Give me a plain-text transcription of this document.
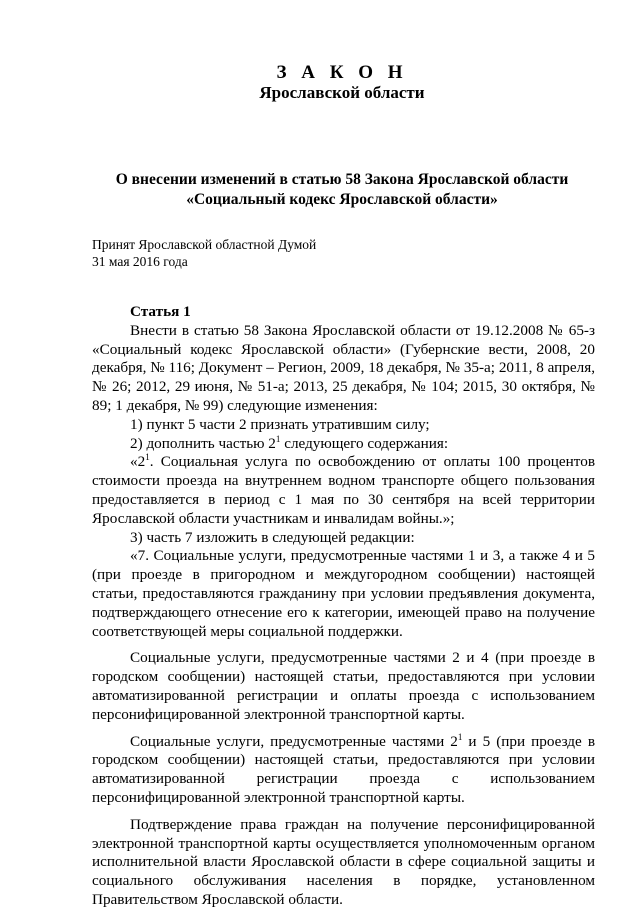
З А К О Н
Ярославской области
О внесении изменений в статью 58 Закона Ярославской области
«Социальный кодекс Ярославской области»
Принят Ярославской областной Думой
31 мая 2016 года

Статья 1

Внести в статью 58 Закона Ярославской области от 19.12.2008 № 65-з «Социальный кодекс Ярославской области» (Губернские вести, 2008, 20 декабря, № 116; Документ – Регион, 2009, 18 декабря, № 35-а; 2011, 8 апреля, № 26; 2012, 29 июня, № 51-а; 2013, 25 декабря, № 104; 2015, 30 октября, № 89; 1 декабря, № 99) следующие изменения:

1) пункт 5 части 2 признать утратившим силу;

2) дополнить частью $2^1$ следующего содержания:

«$2^1$. Социальная услуга по освобождению от оплаты 100 процентов стоимости проезда на внутреннем водном транспорте общего пользования предоставляется в период с 1 мая по 30 сентября на всей территории Ярославской области участникам и инвалидам войны.»;

3) часть 7 изложить в следующей редакции:

«7. Социальные услуги, предусмотренные частями 1 и 3, а также 4 и 5 (при проезде в пригородном и междугородном сообщении) настоящей статьи, предоставляются гражданину при условии предъявления документа, подтверждающего отнесение его к категории, имеющей право на получение соответствующей меры социальной поддержки.

Социальные услуги, предусмотренные частями 2 и 4 (при проезде в городском сообщении) настоящей статьи, предоставляются при условии автоматизированной регистрации и оплаты проезда с использованием персонифицированной электронной транспортной карты.

Социальные услуги, предусмотренные частями $2^1$ и 5 (при проезде в городском сообщении) настоящей статьи, предоставляются при условии автоматизированной регистрации проезда с использованием персонифицированной электронной транспортной карты.

Подтверждение права граждан на получение персонифицированной электронной транспортной карты осуществляется уполномоченным органом исполнительной власти Ярославской области в сфере социальной защиты и социального обслуживания населения в порядке, установленном Правительством Ярославской области.
